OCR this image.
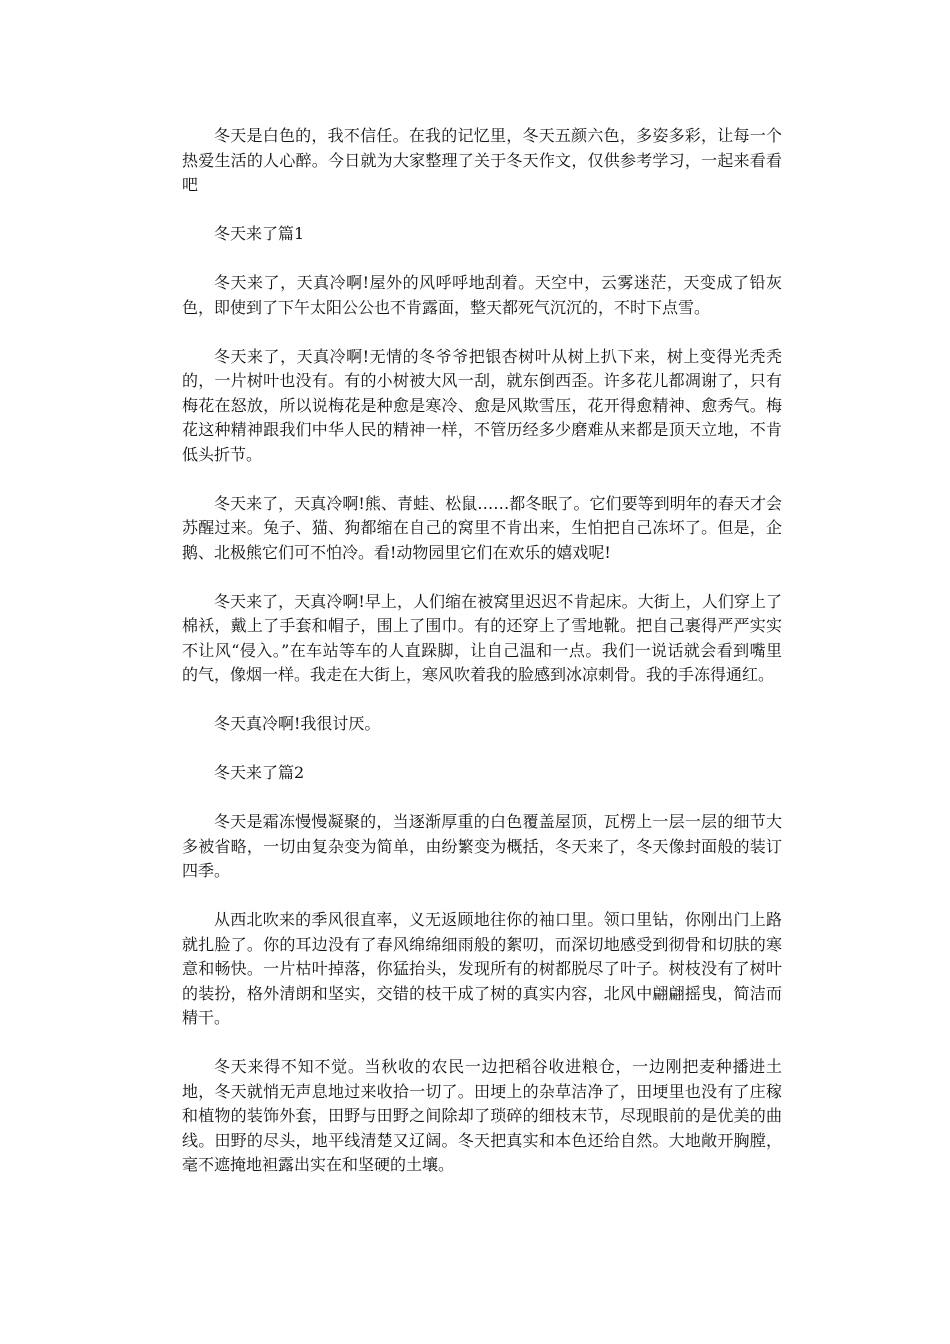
冬天是白色的，我不信任。在我的记忆里，冬天五颜六色，多姿多彩，让每一个热爱生活的人心醉。今日就为大家整理了关于冬天作文，仅供参考学习，一起来看看吧

冬天来了篇1

冬天来了，天真冷啊!屋外的风呼呼地刮着。天空中，云雾迷茫，天变成了铅灰色，即使到了下午太阳公公也不肯露面，整天都死气沉沉的，不时下点雪。

冬天来了，天真冷啊!无情的冬爷爷把银杏树叶从树上扒下来，树上变得光秃秃的，一片树叶也没有。有的小树被大风一刮，就东倒西歪。许多花儿都凋谢了，只有梅花在怒放，所以说梅花是种愈是寒冷、愈是风欺雪压，花开得愈精神、愈秀气。梅花这种精神跟我们中华人民的精神一样，不管历经多少磨难从来都是顶天立地，不肯低头折节。

冬天来了，天真冷啊!熊、青蛙、松鼠……都冬眠了。它们要等到明年的春天才会苏醒过来。兔子、猫、狗都缩在自己的窝里不肯出来，生怕把自己冻坏了。但是，企鹅、北极熊它们可不怕冷。看!动物园里它们在欢乐的嬉戏呢!

冬天来了，天真冷啊!早上，人们缩在被窝里迟迟不肯起床。大街上，人们穿上了棉袄，戴上了手套和帽子，围上了围巾。有的还穿上了雪地靴。把自己裹得严严实实不让风“侵入。”在车站等车的人直跺脚，让自己温和一点。我们一说话就会看到嘴里的气，像烟一样。我走在大街上，寒风吹着我的脸感到冰凉刺骨。我的手冻得通红。

冬天真冷啊!我很讨厌。

冬天来了篇2

冬天是霜冻慢慢凝聚的，当逐渐厚重的白色覆盖屋顶，瓦楞上一层一层的细节大多被省略，一切由复杂变为简单，由纷繁变为概括，冬天来了，冬天像封面般的装订四季。

从西北吹来的季风很直率，义无返顾地往你的袖口里。领口里钻，你刚出门上路就扎脸了。你的耳边没有了春风绵绵细雨般的絮叨，而深切地感受到彻骨和切肤的寒意和畅快。一片枯叶掉落，你猛抬头，发现所有的树都脱尽了叶子。树枝没有了树叶的装扮，格外清朗和坚实，交错的枝干成了树的真实内容，北风中翩翩摇曳，简洁而精干。

冬天来得不知不觉。当秋收的农民一边把稻谷收进粮仓，一边刚把麦种播进土地，冬天就悄无声息地过来收拾一切了。田埂上的杂草洁净了，田埂里也没有了庄稼和植物的装饰外套，田野与田野之间除却了琐碎的细枝末节，尽现眼前的是优美的曲线。田野的尽头，地平线清楚又辽阔。冬天把真实和本色还给自然。大地敞开胸膛，毫不遮掩地袒露出实在和坚硬的土壤。
